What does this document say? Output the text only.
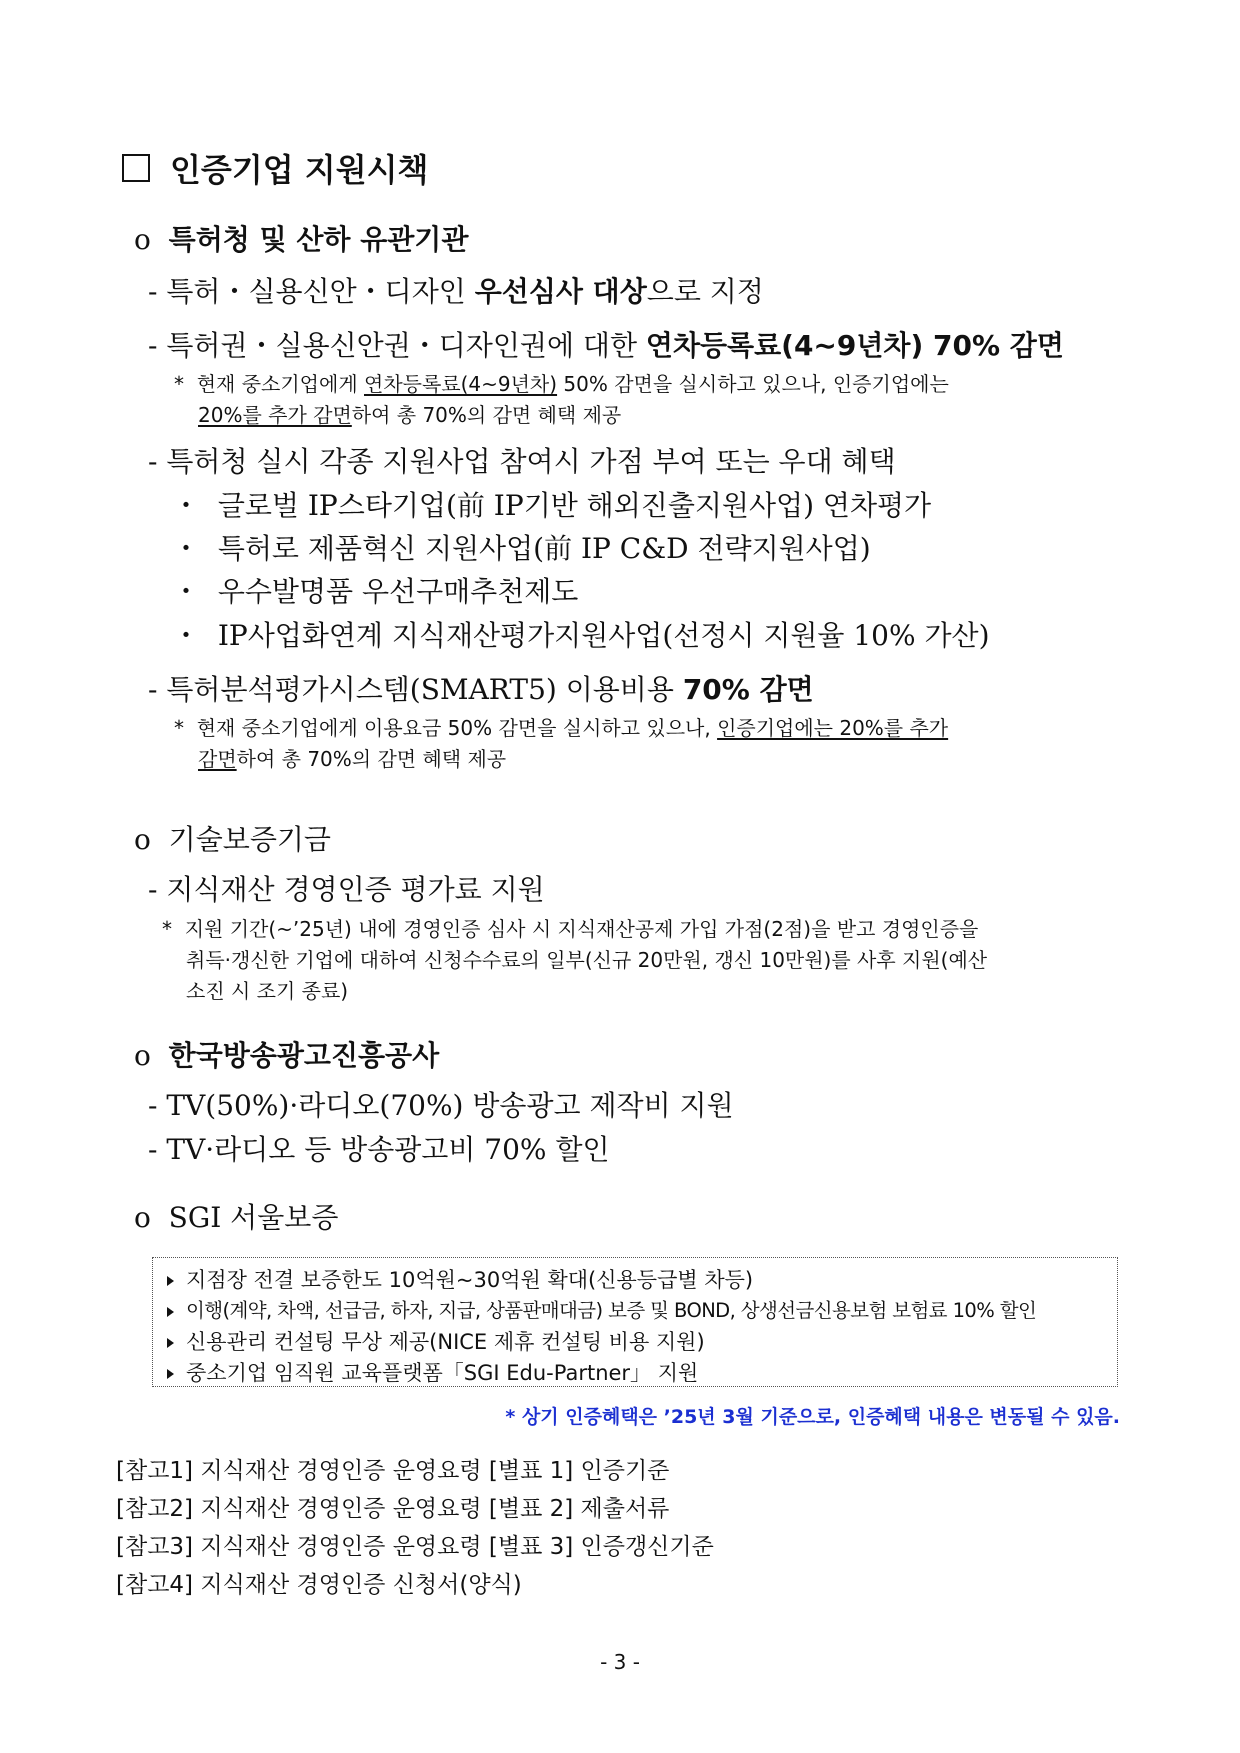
인증기업 지원시책
o 특허청 및 산하 유관기관
- 특허・실용신안・디자인 우선심사 대상으로 지정
- 특허권・실용신안권・디자인권에 대한 연차등록료(4∼9년차) 70% 감면
* 현재 중소기업에게 연차등록료(4~9년차) 50% 감면을 실시하고 있으나, 인증기업에는
20%를 추가 감면하여 총 70%의 감면 혜택 제공
- 특허청 실시 각종 지원사업 참여시 가점 부여 또는 우대 혜택
・ 글로벌 IP스타기업(前 IP기반 해외진출지원사업) 연차평가
・ 특허로 제품혁신 지원사업(前 IP C&D 전략지원사업)
・ 우수발명품 우선구매추천제도
・ IP사업화연계 지식재산평가지원사업(선정시 지원율 10% 가산)
- 특허분석평가시스템(SMART5) 이용비용 70% 감면
* 현재 중소기업에게 이용요금 50% 감면을 실시하고 있으나, 인증기업에는 20%를 추가
감면하여 총 70%의 감면 혜택 제공
o 기술보증기금
- 지식재산 경영인증 평가료 지원
* 지원 기간(~’25년) 내에 경영인증 심사 시 지식재산공제 가입 가점(2점)을 받고 경영인증을
취득·갱신한 기업에 대하여 신청수수료의 일부(신규 20만원, 갱신 10만원)를 사후 지원(예산
소진 시 조기 종료)
o 한국방송광고진흥공사
- TV(50%)·라디오(70%) 방송광고 제작비 지원
- TV·라디오 등 방송광고비 70% 할인
o SGI 서울보증
지점장 전결 보증한도 10억원~30억원 확대(신용등급별 차등)
이행(계약, 차액, 선급금, 하자, 지급, 상품판매대금) 보증 및 BOND, 상생선금신용보험 보험료 10% 할인
신용관리 컨설팅 무상 제공(NICE 제휴 컨설팅 비용 지원)
중소기업 임직원 교육플랫폼「SGI Edu-Partner」 지원
* 상기 인증혜택은 ’25년 3월 기준으로, 인증혜택 내용은 변동될 수 있음.
[참고1] 지식재산 경영인증 운영요령 [별표 1] 인증기준
[참고2] 지식재산 경영인증 운영요령 [별표 2] 제출서류
[참고3] 지식재산 경영인증 운영요령 [별표 3] 인증갱신기준
[참고4] 지식재산 경영인증 신청서(양식)
- 3 -
